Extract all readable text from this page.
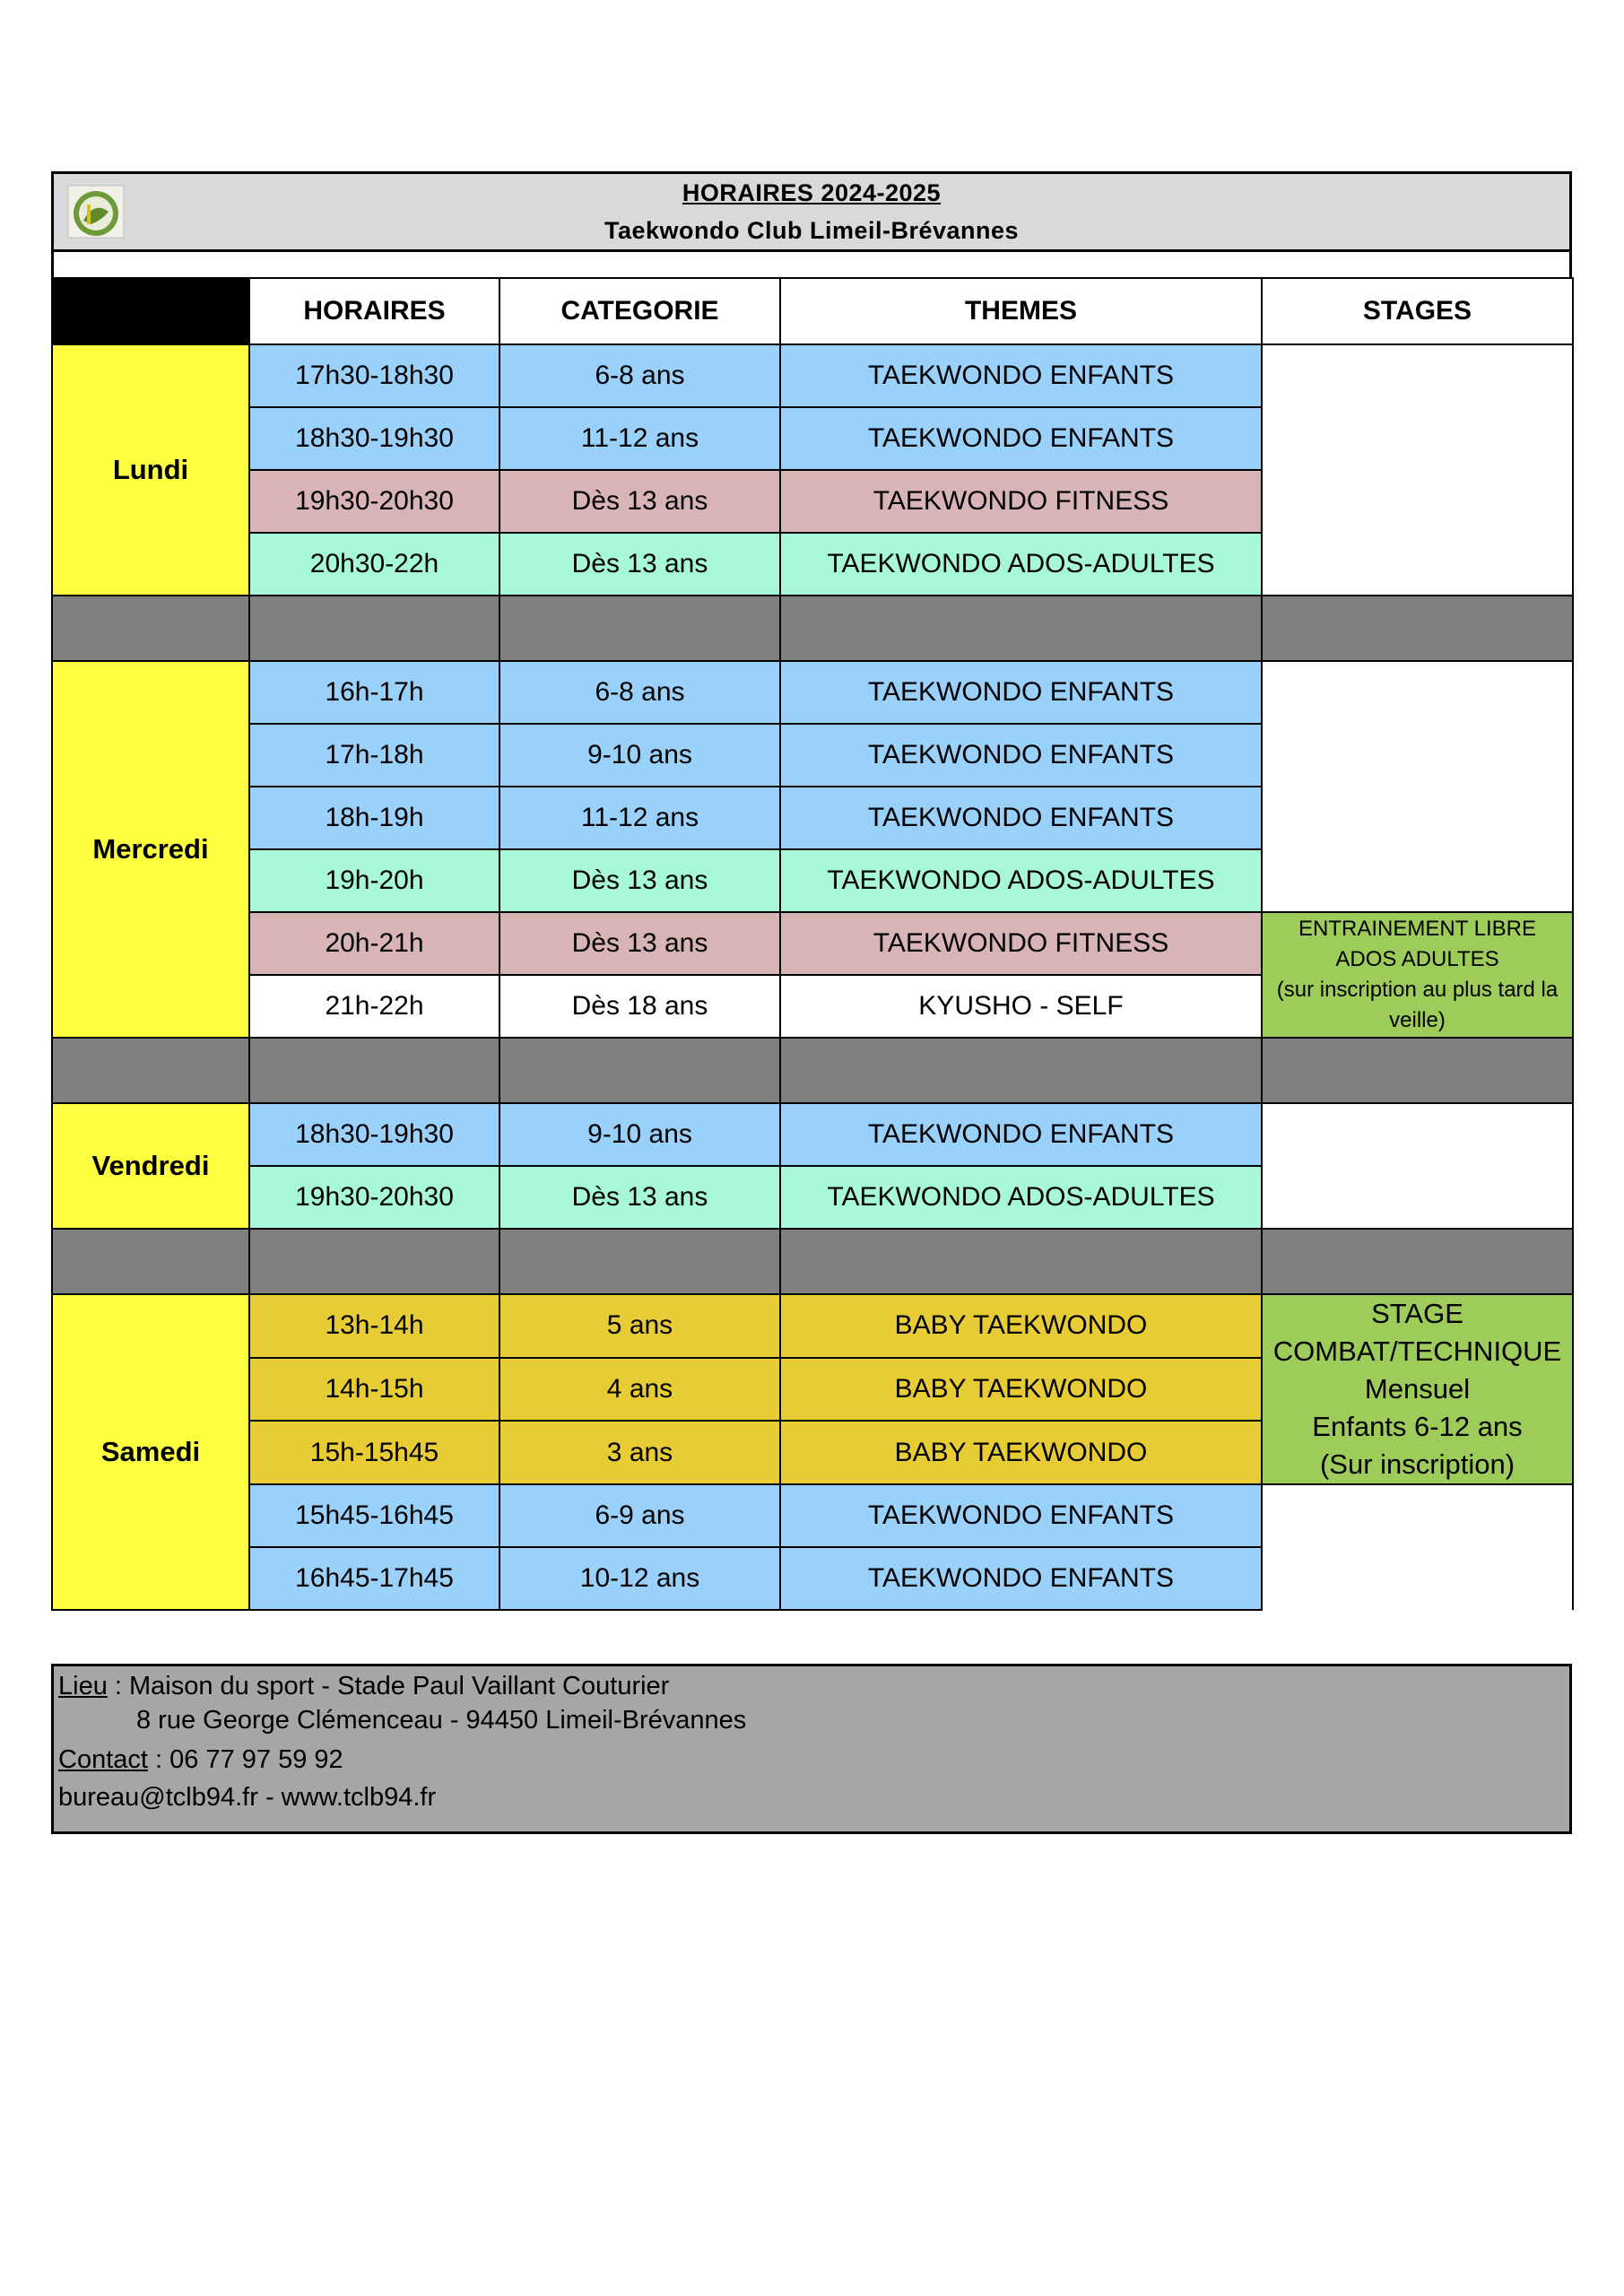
HORAIRES 2024-2025
Taekwondo Club Limeil-Brévannes
	HORAIRES	CATEGORIE	THEMES	STAGES
Lundi	17h30-18h30	6-8 ans	TAEKWONDO ENFANTS	
	18h30-19h30	11-12 ans	TAEKWONDO ENFANTS	
	19h30-20h30	Dès 13 ans	TAEKWONDO FITNESS	
	20h30-22h	Dès 13 ans	TAEKWONDO ADOS-ADULTES	

Mercredi	16h-17h	6-8 ans	TAEKWONDO ENFANTS	
	17h-18h	9-10 ans	TAEKWONDO ENFANTS	
	18h-19h	11-12 ans	TAEKWONDO ENFANTS	
	19h-20h	Dès 13 ans	TAEKWONDO ADOS-ADULTES	
	20h-21h	Dès 13 ans	TAEKWONDO FITNESS	ENTRAINEMENT LIBRE
ADOS ADULTES
(sur inscription au plus tard la
veille)

	21h-22h	Dès 18 ans	KYUSHO - SELF	

Vendredi	18h30-19h30	9-10 ans	TAEKWONDO ENFANTS	
	19h30-20h30	Dès 13 ans	TAEKWONDO ADOS-ADULTES	

Samedi	13h-14h	5 ans	BABY TAEKWONDO	STAGE
COMBAT/TECHNIQUE
Mensuel
Enfants 6-12 ans
(Sur inscription)

	14h-15h	4 ans	BABY TAEKWONDO	
	15h-15h45	3 ans	BABY TAEKWONDO	
	15h45-16h45	6-9 ans	TAEKWONDO ENFANTS	
	16h45-17h45	10-12 ans	TAEKWONDO ENFANTS	
Lieu : Maison du sport - Stade Paul Vaillant Couturier
8 rue George Clémenceau - 94450 Limeil-Brévannes
Contact : 06 77 97 59 92
bureau@tclb94.fr - www.tclb94.fr
